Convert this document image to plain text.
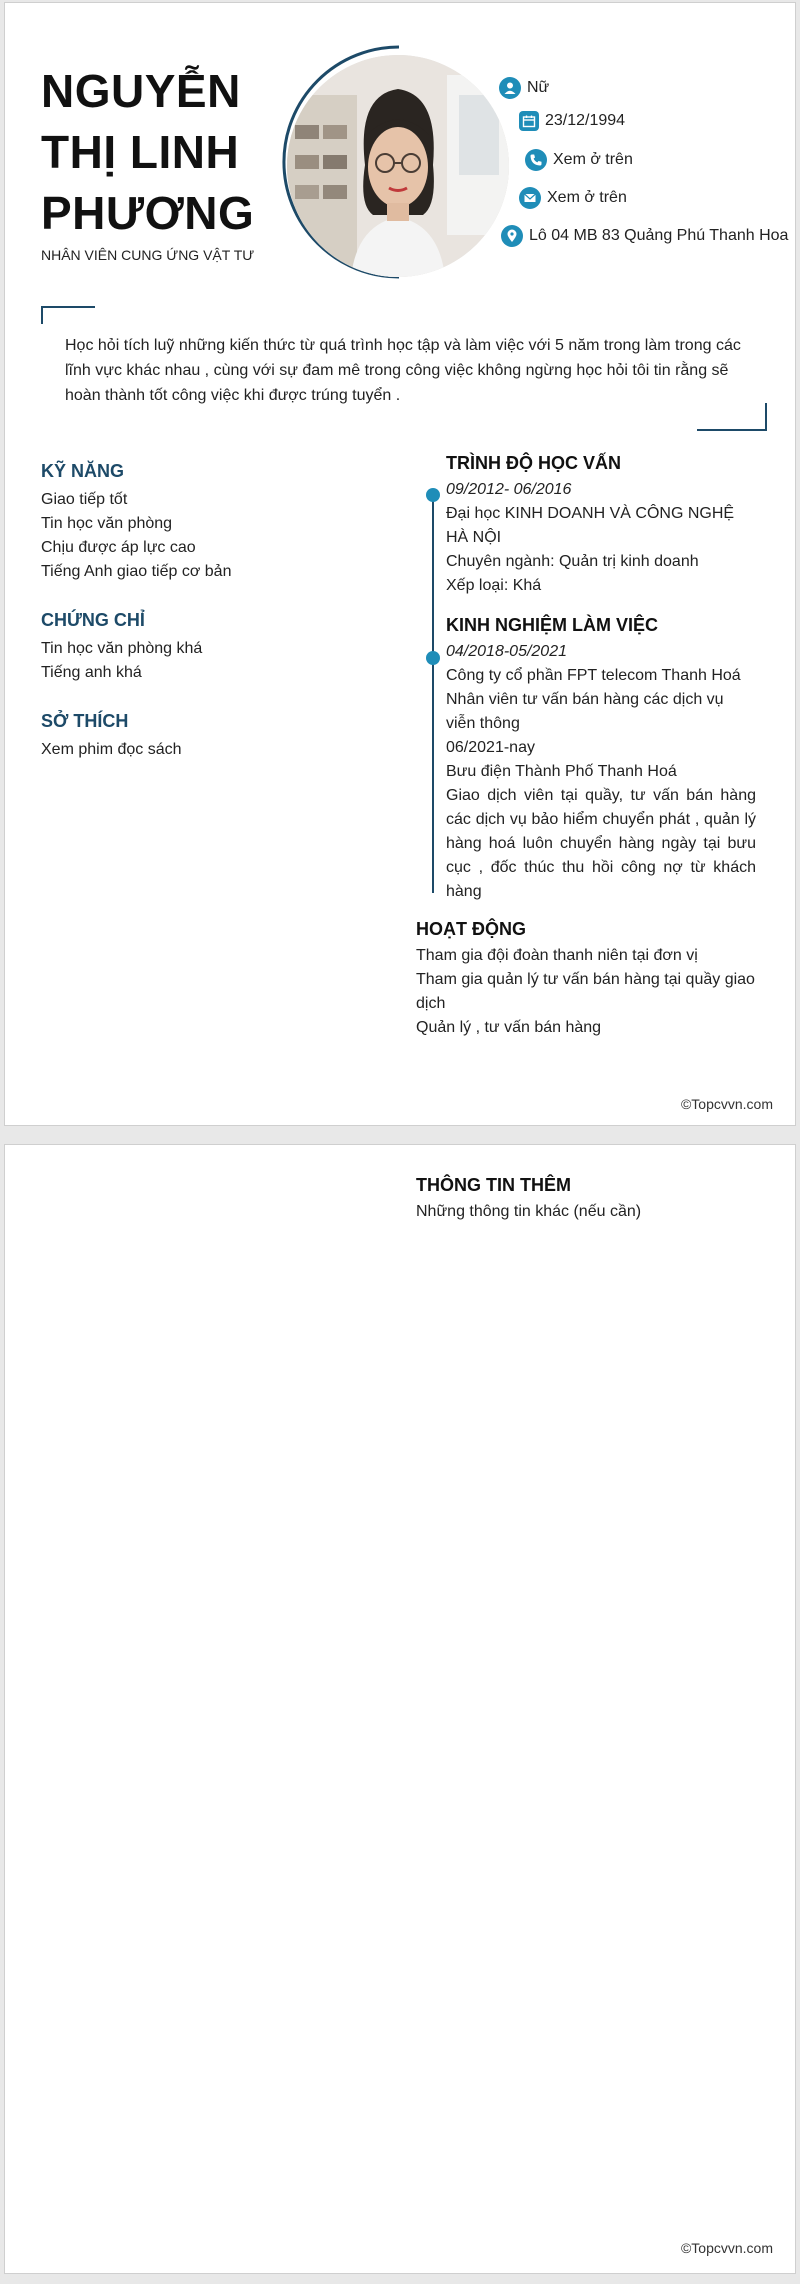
NGUYỄN
THỊ LINH
PHƯƠNG
NHÂN VIÊN CUNG ỨNG VẬT TƯ
Nữ
23/12/1994
Xem ở trên
Xem ở trên
Lô 04 MB 83 Quảng Phú Thanh Hoa
Học hỏi tích luỹ những kiến thức từ quá trình học tập và làm việc với 5 năm trong làm trong các lĩnh vực khác nhau , cùng với sự đam mê trong công việc không ngừng học hỏi tôi tin rằng sẽ hoàn thành tốt công việc khi được trúng tuyển .
KỸ NĂNG
Giao tiếp tốt
Tin học văn phòng
Chịu được áp lực cao
Tiếng Anh giao tiếp cơ bản
CHỨNG CHỈ
Tin học văn phòng khá
Tiếng anh khá
SỞ THÍCH
Xem phim đọc sách
TRÌNH ĐỘ HỌC VẤN
09/2012- 06/2016
Đại học KINH DOANH VÀ CÔNG NGHỆ HÀ NỘI
Chuyên ngành: Quản trị kinh doanh
Xếp loại: Khá
KINH NGHIỆM LÀM VIỆC
04/2018-05/2021
Công ty cổ phần FPT telecom Thanh Hoá
Nhân viên tư vấn bán hàng các dịch vụ viễn thông
06/2021-nay
Bưu điện Thành Phố Thanh Hoá
Giao dịch viên tại quầy, tư vấn bán hàng các dịch vụ bảo hiểm chuyển phát , quản lý hàng hoá luôn chuyển hàng ngày tại bưu cục , đốc thúc thu hồi công nợ từ khách hàng
HOẠT ĐỘNG
Tham gia đội đoàn thanh niên tại đơn vị
Tham gia quản lý tư vấn bán hàng tại quầy giao dịch
Quản lý , tư vấn bán hàng
©Topcvvn.com
THÔNG TIN THÊM
Những thông tin khác (nếu cần)
©Topcvvn.com
